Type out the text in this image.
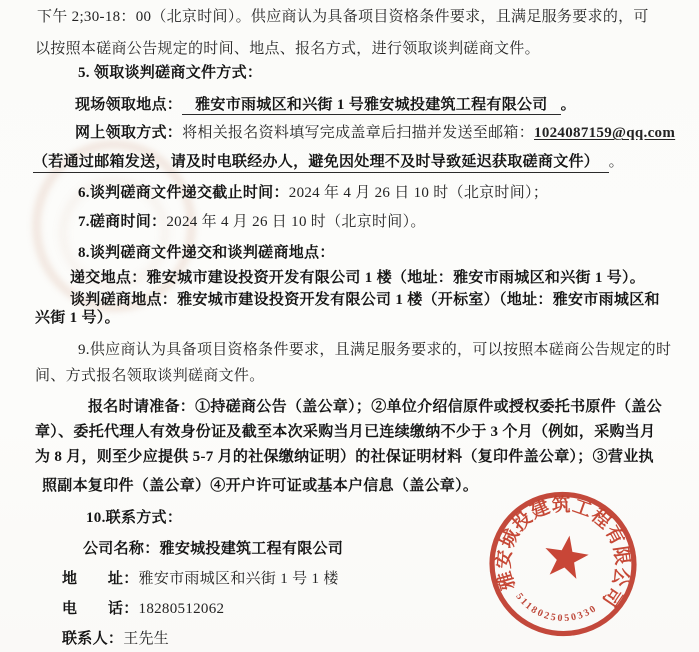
下午 2;30-18：00（北京时间）。供应商认为具备项目资格条件要求，且满足服务要求的，可
以按照本磋商公告规定的时间、地点、报名方式，进行领取谈判磋商文件。
5. 领取谈判磋商文件方式：
现场领取地点： 雅安市雨城区和兴街 1 号雅安城投建筑工程有限公司 。
网上领取方式：将相关报名资料填写完成盖章后扫描并发送至邮箱：1024087159@qq.com
（若通过邮箱发送，请及时电联经办人，避免因处理不及时导致延迟获取磋商文件） 。
6.谈判磋商文件递交截止时间：2024 年 4 月 26 日 10 时（北京时间）；
7.磋商时间：2024 年 4 月 26 日 10 时（北京时间）。
8.谈判磋商文件递交和谈判磋商地点：
递交地点：雅安城市建设投资开发有限公司 1 楼（地址：雅安市雨城区和兴街 1 号）。
谈判磋商地点：雅安城市建设投资开发有限公司 1 楼（开标室）（地址：雅安市雨城区和
兴街 1 号）。
9.供应商认为具备项目资格条件要求，且满足服务要求的，可以按照本磋商公告规定的时
间、方式报名领取谈判磋商文件。
报名时请准备：①持磋商公告（盖公章）；②单位介绍信原件或授权委托书原件（盖公
章）、委托代理人有效身份证及截至本次采购当月已连续缴纳不少于 3 个月（例如，采购当月
为 8 月，则至少应提供 5-7 月的社保缴纳证明）的社保证明材料（复印件盖公章）；③营业执
照副本复印件（盖公章）④开户许可证或基本户信息（盖公章）。
10.联系方式：
公司名称：雅安城投建筑工程有限公司
地　　址：雅安市雨城区和兴街 1 号 1 楼
电　　话：18280512062
联系人：王先生
雅安城投建筑工程有限公司
5118025050330
